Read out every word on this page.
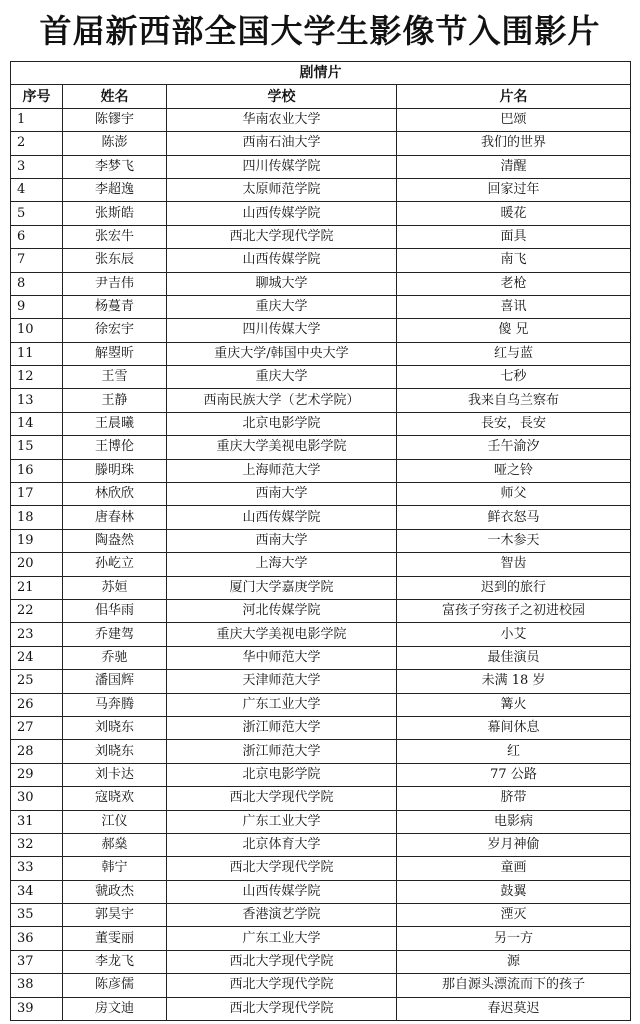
首届新西部全国大学生影像节入围影片
剧情片			
序号	姓名	学校	片名
1	陈镠宇	华南农业大学	巴颂
2	陈澎	西南石油大学	我们的世界
3	李梦飞	四川传媒学院	清醒
4	李超逸	太原师范学院	回家过年
5	张斯皓	山西传媒学院	暖花
6	张宏牛	西北大学现代学院	面具
7	张东辰	山西传媒学院	南飞
8	尹吉伟	聊城大学	老枪
9	杨蔓青	重庆大学	喜讯
10	徐宏宇	四川传媒大学	傻 兄
11	解曌昕	重庆大学/韩国中央大学	红与蓝
12	王雪	重庆大学	七秒
13	王静	西南民族大学（艺术学院）	我来自乌兰察布
14	王晨曦	北京电影学院	長安，長安
15	王博伦	重庆大学美视电影学院	壬午渝汐
16	滕明珠	上海师范大学	哑之铃
17	林欣欣	西南大学	师父
18	唐春林	山西传媒学院	鲜衣怒马
19	陶盎然	西南大学	一木参天
20	孙屹立	上海大学	智齿
21	苏姮	厦门大学嘉庚学院	迟到的旅行
22	佀华雨	河北传媒学院	富孩子穷孩子之初进校园
23	乔建驾	重庆大学美视电影学院	小艾
24	乔驰	华中师范大学	最佳演员
25	潘国辉	天津师范大学	未满 18 岁
26	马奔腾	广东工业大学	篝火
27	刘晓东	浙江师范大学	幕间休息
28	刘晓东	浙江师范大学	红
29	刘卡达	北京电影学院	77 公路
30	寇晓欢	西北大学现代学院	脐带
31	江仪	广东工业大学	电影病
32	郝燊	北京体育大学	岁月神偷
33	韩宁	西北大学现代学院	童画
34	虢政杰	山西传媒学院	鼓翼
35	郭昊宇	香港演艺学院	湮灭
36	董雯丽	广东工业大学	另一方
37	李龙飞	西北大学现代学院	源
38	陈彦儒	西北大学现代学院	那自源头漂流而下的孩子
39	房文迪	西北大学现代学院	春迟莫迟
